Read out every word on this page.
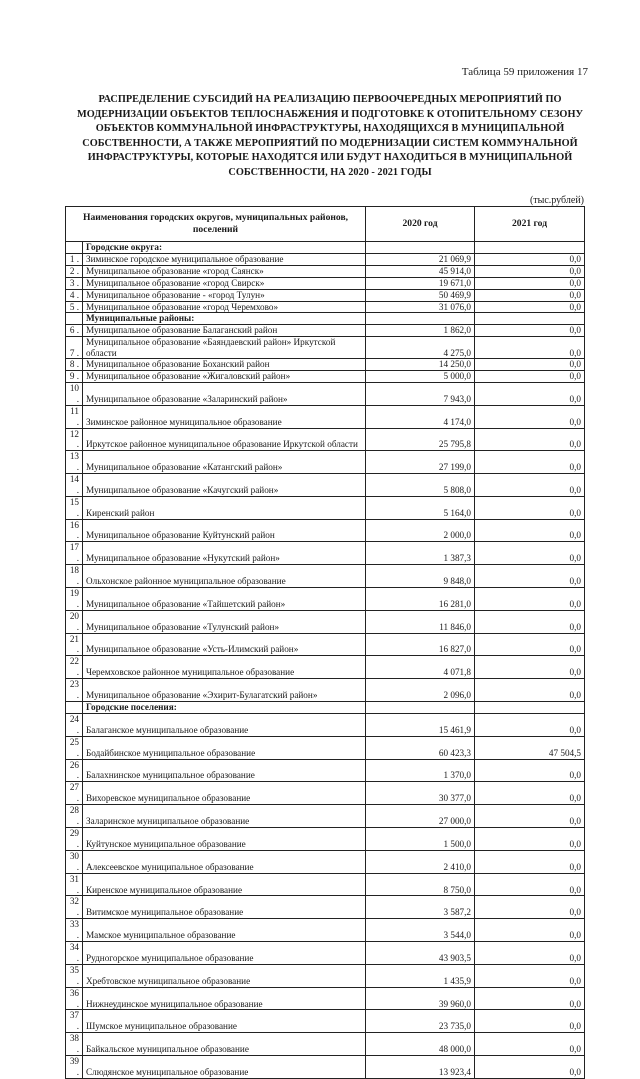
Таблица 59 приложения 17
РАСПРЕДЕЛЕНИЕ СУБСИДИЙ НА РЕАЛИЗАЦИЮ ПЕРВООЧЕРЕДНЫХ МЕРОПРИЯТИЙ ПО
МОДЕРНИЗАЦИИ ОБЪЕКТОВ ТЕПЛОСНАБЖЕНИЯ И ПОДГОТОВКЕ К ОТОПИТЕЛЬНОМУ СЕЗОНУ
ОБЪЕКТОВ КОММУНАЛЬНОЙ ИНФРАСТРУКТУРЫ, НАХОДЯЩИХСЯ В МУНИЦИПАЛЬНОЙ
СОБСТВЕННОСТИ, А ТАКЖЕ МЕРОПРИЯТИЙ ПО МОДЕРНИЗАЦИИ СИСТЕМ КОММУНАЛЬНОЙ
ИНФРАСТРУКТУРЫ, КОТОРЫЕ НАХОДЯТСЯ ИЛИ БУДУТ НАХОДИТЬСЯ В МУНИЦИПАЛЬНОЙ
СОБСТВЕННОСТИ, НА 2020 - 2021 ГОДЫ
(тыс.рублей)
Наименования городских округов, муниципальных районов, поселений		2020 год	2021 год
	Городские округа:		
1 .	Зиминское городское муниципальное образование	21 069,9	0,0
2 .	Муниципальное образование «город Саянск»	45 914,0	0,0
3 .	Муниципальное образование «город Свирск»	19 671,0	0,0
4 .	Муниципальное образование - «город Тулун»	50 469,9	0,0
5 .	Муниципальное образование «город Черемхово»	31 076,0	0,0
	Муниципальные районы:		
6 .	Муниципальное образование Балаганский район	1 862,0	0,0
7 .	Муниципальное образование «Баяндаевский район» Иркутской области	4 275,0	0,0
8 .	Муниципальное образование Боханский район	14 250,0	0,0
9 .	Муниципальное образование «Жигаловский район»	5 000,0	0,0
10 .	Муниципальное образование «Заларинский район»	7 943,0	0,0
11 .	Зиминское районное муниципальное образование	4 174,0	0,0
12 .	Иркутское районное муниципальное образование Иркутской области	25 795,8	0,0
13 .	Муниципальное образование «Катангский район»	27 199,0	0,0
14 .	Муниципальное образование «Качугский район»	5 808,0	0,0
15 .	Киренский район	5 164,0	0,0
16 .	Муниципальное образование Куйтунский район	2 000,0	0,0
17 .	Муниципальное образование «Нукутский район»	1 387,3	0,0
18 .	Ольхонское районное муниципальное образование	9 848,0	0,0
19 .	Муниципальное образование «Тайшетский район»	16 281,0	0,0
20 .	Муниципальное образование «Тулунский район»	11 846,0	0,0
21 .	Муниципальное образование «Усть-Илимский район»	16 827,0	0,0
22 .	Черемховское районное муниципальное образование	4 071,8	0,0
23 .	Муниципальное образование «Эхирит-Булагатский район»	2 096,0	0,0
	Городские поселения:		
24 .	Балаганское муниципальное образование	15 461,9	0,0
25 .	Бодайбинское муниципальное образование	60 423,3	47 504,5
26 .	Балахнинское муниципальное образование	1 370,0	0,0
27 .	Вихоревское муниципальное образование	30 377,0	0,0
28 .	Заларинское муниципальное образование	27 000,0	0,0
29 .	Куйтунское муниципальное образование	1 500,0	0,0
30 .	Алексеевское муниципальное образование	2 410,0	0,0
31 .	Киренское муниципальное образование	8 750,0	0,0
32 .	Витимское муниципальное образование	3 587,2	0,0
33 .	Мамское муниципальное образование	3 544,0	0,0
34 .	Рудногорское муниципальное образование	43 903,5	0,0
35 .	Хребтовское муниципальное образование	1 435,9	0,0
36 .	Нижнеудинское муниципальное образование	39 960,0	0,0
37 .	Шумское муниципальное образование	23 735,0	0,0
38 .	Байкальское муниципальное образование	48 000,0	0,0
39 .	Слюдянское муниципальное образование	13 923,4	0,0
